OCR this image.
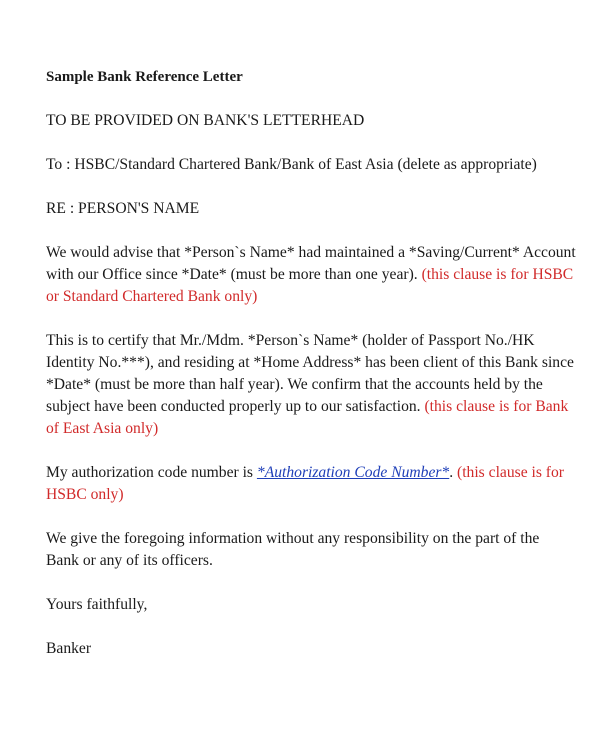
Sample Bank Reference Letter

TO BE PROVIDED ON BANK'S LETTERHEAD

To : HSBC/Standard Chartered Bank/Bank of East Asia (delete as appropriate)

RE : PERSON'S NAME

We would advise that *Person`s Name* had maintained a *Saving/Current* Account with our Office since *Date* (must be more than one year). (this clause is for HSBC or Standard Chartered Bank only)

This is to certify that Mr./Mdm. *Person`s Name* (holder of Passport No./HK Identity No.***), and residing at *Home Address* has been client of this Bank since *Date* (must be more than half year). We confirm that the accounts held by the subject have been conducted properly up to our satisfaction. (this clause is for Bank of East Asia only)

My authorization code number is *Authorization Code Number*. (this clause is for HSBC only)

We give the foregoing information without any responsibility on the part of the Bank or any of its officers.

Yours faithfully,

Banker
